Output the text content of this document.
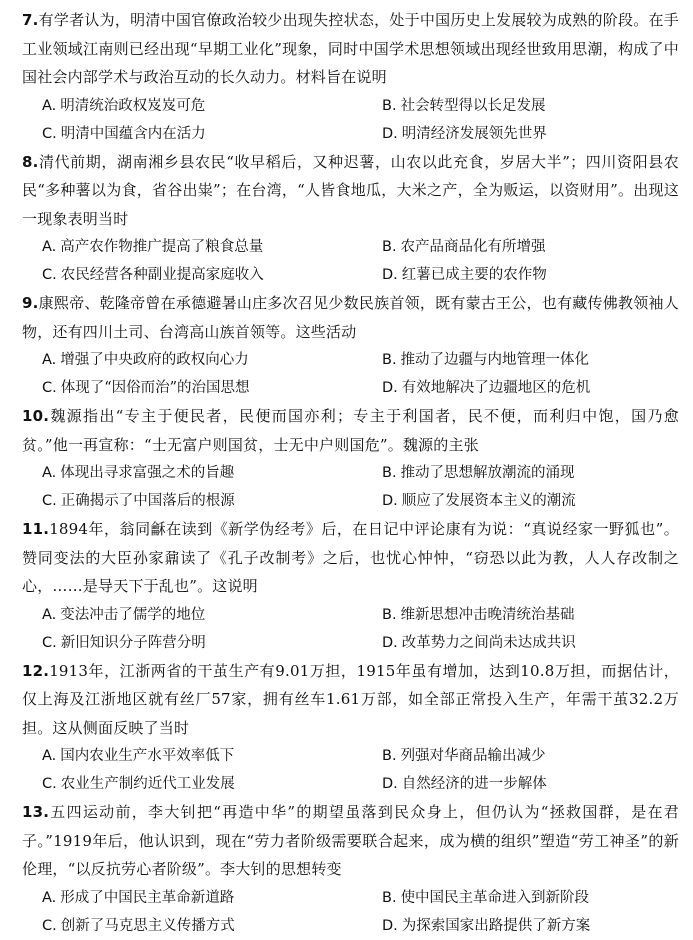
7.有学者认为，明清中国官僚政治较少出现失控状态，处于中国历史上发展较为成熟的阶段。在手工业领域江南则已经出现“早期工业化”现象，同时中国学术思想领域出现经世致用思潮，构成了中国社会内部学术与政治互动的长久动力。材料旨在说明

A. 明清统治政权岌岌可危	B. 社会转型得以长足发展
C. 明清中国蕴含内在活力	D. 明清经济发展领先世界

8.清代前期，湖南湘乡县农民“收早稻后，又种迟薯，山农以此充食，岁居大半”；四川资阳县农民“多种薯以为食，省谷出粜”；在台湾，“人皆食地瓜，大米之产，全为贩运，以资财用”。出现这一现象表明当时

A. 高产农作物推广提高了粮食总量	B. 农产品商品化有所增强
C. 农民经营各种副业提高家庭收入	D. 红薯已成主要的农作物

9.康熙帝、乾隆帝曾在承德避暑山庄多次召见少数民族首领，既有蒙古王公，也有藏传佛教领袖人物，还有四川土司、台湾高山族首领等。这些活动

A. 增强了中央政府的政权向心力	B. 推动了边疆与内地管理一体化
C. 体现了“因俗而治”的治国思想	D. 有效地解决了边疆地区的危机

10.魏源指出“专主于便民者，民便而国亦利；专主于利国者，民不便，而利归中饱，国乃愈贫。”他一再宣称：“士无富户则国贫，士无中户则国危”。魏源的主张

A. 体现出寻求富强之术的旨趣	B. 推动了思想解放潮流的涌现
C. 正确揭示了中国落后的根源	D. 顺应了发展资本主义的潮流

11.1894年，翁同龢在读到《新学伪经考》后，在日记中评论康有为说：“真说经家一野狐也”。赞同变法的大臣孙家鼐读了《孔子改制考》之后，也忧心忡忡，“窃恐以此为教，人人存改制之心，……是导天下于乱也”。这说明

A. 变法冲击了儒学的地位	B. 维新思想冲击晚清统治基础
C. 新旧知识分子阵营分明	D. 改革势力之间尚未达成共识

12.1913年，江浙两省的干茧生产有9.01万担，1915年虽有增加，达到10.8万担，而据估计，仅上海及江浙地区就有丝厂57家，拥有丝车1.61万部，如全部正常投入生产，年需干茧32.2万担。这从侧面反映了当时

A. 国内农业生产水平效率低下	B. 列强对华商品输出减少
C. 农业生产制约近代工业发展	D. 自然经济的进一步解体

13.五四运动前，李大钊把“再造中华”的期望虽落到民众身上，但仍认为“拯救国群，是在君子。”1919年后，他认识到，现在“劳力者阶级需要联合起来，成为横的组织”塑造“劳工神圣”的新伦理，“以反抗劳心者阶级”。李大钊的思想转变

A. 形成了中国民主革命新道路	B. 使中国民主革命进入到新阶段
C. 创新了马克思主义传播方式	D. 为探索国家出路提供了新方案
